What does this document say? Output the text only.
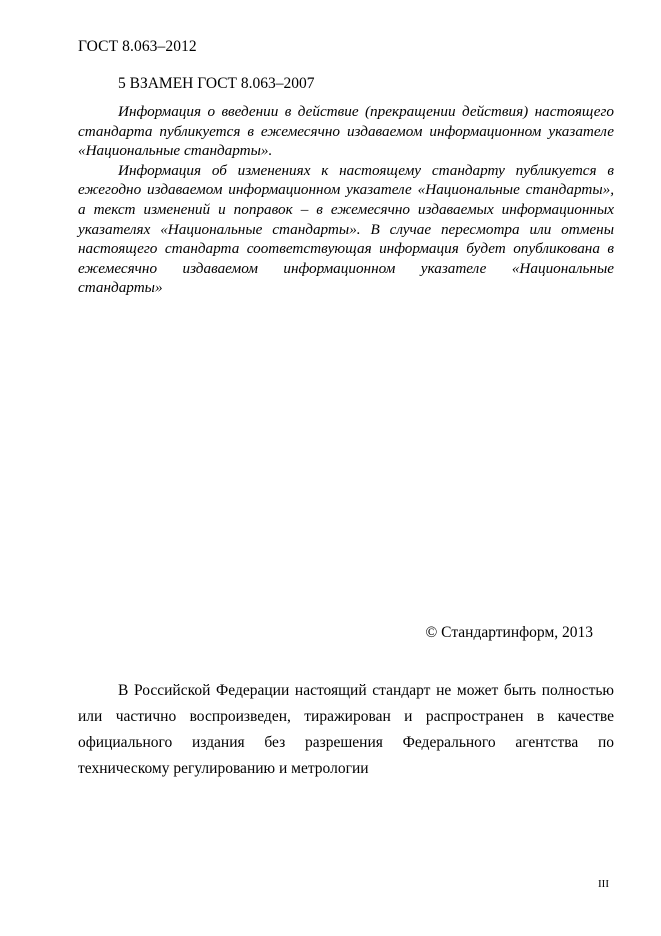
ГОСТ 8.063–2012
5 ВЗАМЕН ГОСТ 8.063–2007

Информация о введении в действие (прекращении действия) настоящего стандарта публикуется в ежемесячно издаваемом информационном указателе «Национальные стандарты».

Информация об изменениях к настоящему стандарту публикуется в ежегодно издаваемом информационном указателе «Национальные стандарты», а текст изменений и поправок – в ежемесячно издаваемых информационных указателях «Национальные стандарты». В случае пересмотра или отмены настоящего стандарта соответствующая информация будет опубликована в ежемесячно издаваемом информационном указателе «Национальные стандарты»

© Стандартинформ, 2013

В Российской Федерации настоящий стандарт не может быть полностью или частично воспроизведен, тиражирован и распространен в качестве официального издания без разрешения Федерального агентства по техническому регулированию и метрологии

III
